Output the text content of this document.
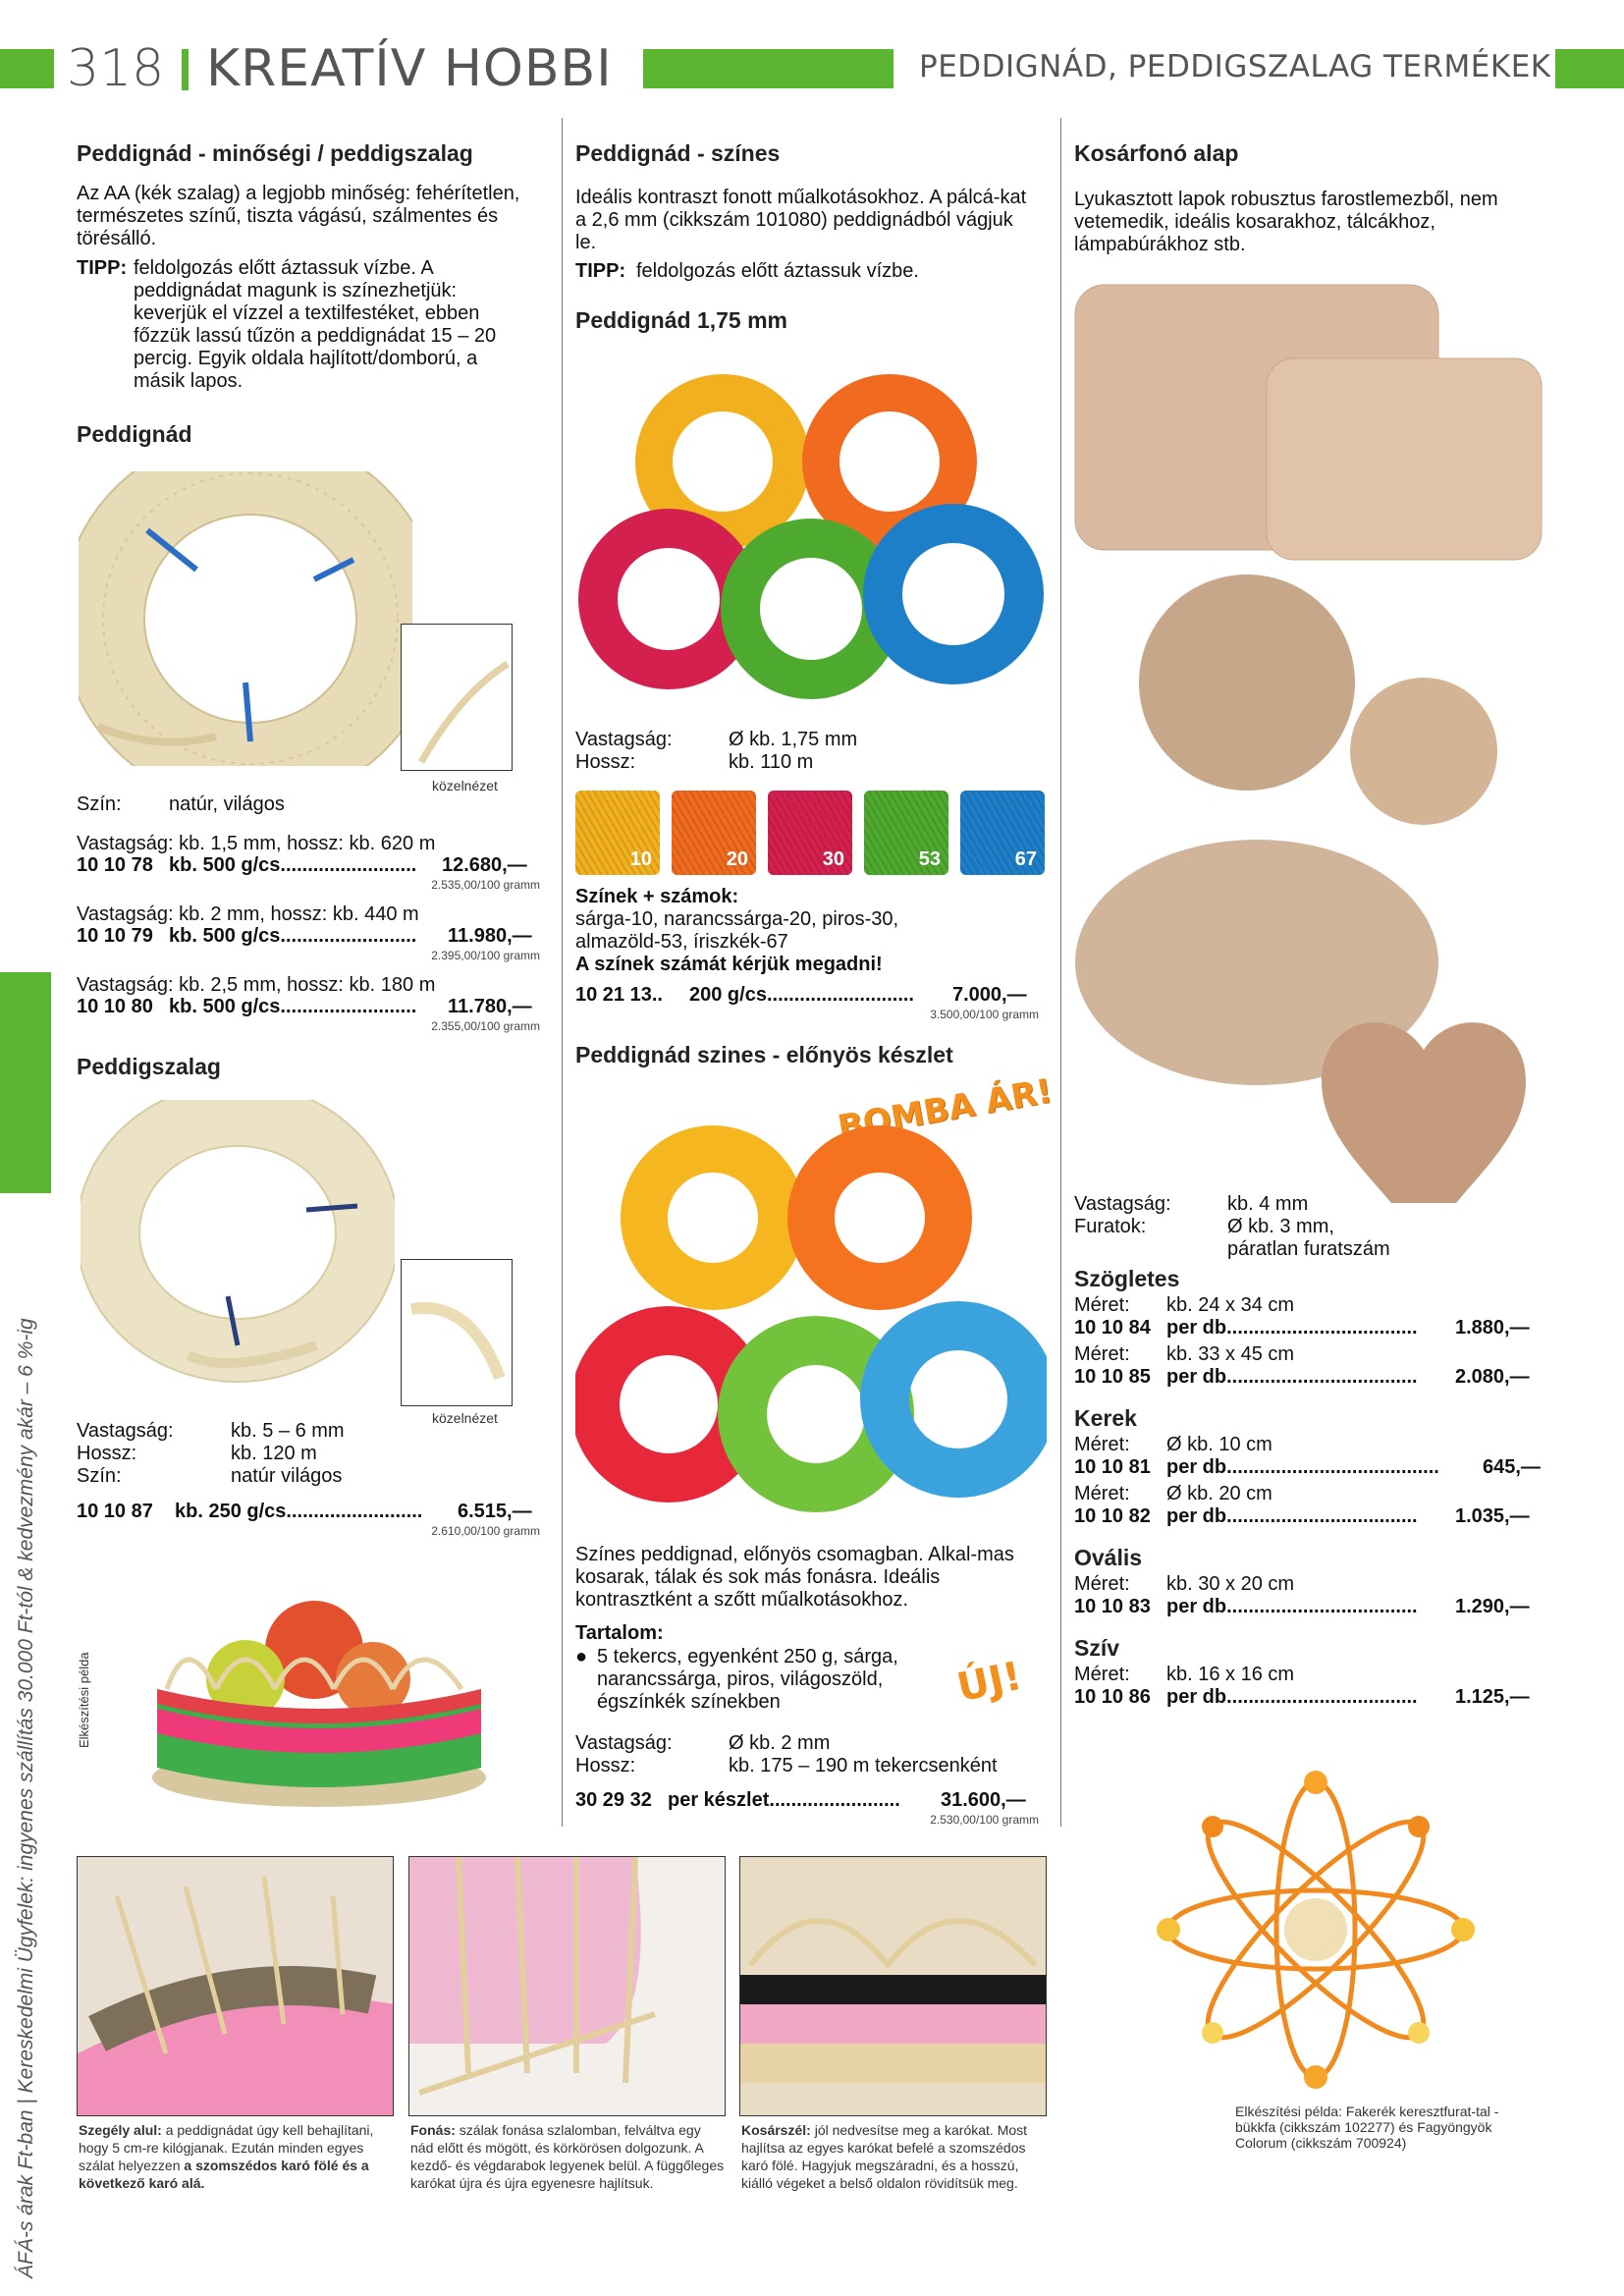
318 KREATÍV HOBBI	PEDDIGNÁD, PEDDIGSZALAG TERMÉKEK
ÁFÁ-s árak Ft-ban | Kereskedelmi Ügyfelek: ingyenes szállítás 30.000 Ft-tól & kedvezmény akár – 6 %-ig
Peddignád - minőségi / peddigszalag
Az AA (kék szalag) a legjobb minőség: fehérítetlen, természetes színű, tiszta vágású, szálmentes és törésálló.
TIPP: feldolgozás előtt áztassuk vízbe. A
peddignádat magunk is színezhetjük:
keverjük el vízzel a textilfestéket, ebben
főzzük lassú tűzön a peddignádat 15 – 20
percig. Egyik oldala hajlított/domború, a
másik lapos.
Peddignád
közelnézet
Szín: natúr, világos
Vastagság: kb. 1,5 mm, hossz: kb. 620 m
10 10 78 kb. 500 g/cs......................... 12.680,—
2.535,00/100 gramm
Vastagság: kb. 2 mm, hossz: kb. 440 m
10 10 79 kb. 500 g/cs......................... 11.980,—
2.395,00/100 gramm
Vastagság: kb. 2,5 mm, hossz: kb. 180 m
10 10 80 kb. 500 g/cs......................... 11.780,—
2.355,00/100 gramm
Peddigszalag
közelnézet
Vastagság:	kb. 5 – 6 mm
Hossz:	kb. 120 m
Szín:	natúr világos
10 10 87 kb. 250 g/cs......................... 6.515,—
2.610,00/100 gramm
Elkészítési példa
Peddignád - színes
Ideális kontraszt fonott műalkotásokhoz. A pálcá-kat a 2,6 mm (cikkszám 101080) peddignádból vágjuk le.
TIPP: feldolgozás előtt áztassuk vízbe.
Peddignád 1,75 mm
Vastagság:	Ø kb. 1,75 mm
Hossz:	kb. 110 m
10	20	30	53	67
Színek + számok:
sárga-10, narancssárga-20, piros-30, almazöld-53, íriszkék-67
A színek számát kérjük megadni!
10 21 13.. 200 g/cs........................... 7.000,—
3.500,00/100 gramm
Peddignád szines - előnyös készlet
BOMBA ÁR!
Színes peddignad, előnyös csomagban. Alkal-mas kosarak, tálak és sok más fonásra. Ideális kontrasztként a szőtt műalkotásokhoz.
Tartalom:
● 5 tekercs, egyenként 250 g, sárga, narancssárga, piros, világoszöld, égszínkék színekben	ÚJ!
Vastagság:	Ø kb. 2 mm
Hossz:	kb. 175 – 190 m tekercsenként
30 29 32 per készlet........................ 31.600,—
2.530,00/100 gramm
Kosárfonó alap
Lyukasztott lapok robusztus farostlemezből, nem vetemedik, ideális kosarakhoz, tálcákhoz, lámpabúrákhoz stb.
Vastagság:	kb. 4 mm
Furatok:	Ø kb. 3 mm,
páratlan furatszám
Szögletes
Méret: kb. 24 x 34 cm
10 10 84 per db................................... 1.880,—
Méret: kb. 33 x 45 cm
10 10 85 per db................................... 2.080,—
Kerek
Méret: Ø kb. 10 cm
10 10 81 per db....................................... 645,—
Méret: Ø kb. 20 cm
10 10 82 per db................................... 1.035,—
Ovális
Méret: kb. 30 x 20 cm
10 10 83 per db................................... 1.290,—
Szív
Méret: kb. 16 x 16 cm
10 10 86 per db................................... 1.125,—
Elkészítési példa: Fakerék keresztfurat-tal - bükkfa (cikkszám 102277) és Fagyöngyök Colorum (cikkszám 700924)
Szegély alul: a peddignádat úgy kell behajlítani, hogy 5 cm-re kilógjanak. Ezután minden egyes szálat helyezzen a szomszédos karó fölé és a következő karó alá.
Fonás: szálak fonása szlalomban, felváltva egy nád előtt és mögött, és körkörösen dolgozunk. A kezdő- és végdarabok legyenek belül. A függőleges karókat újra és újra egyenesre hajlítsuk.
Kosárszél: jól nedvesítse meg a karókat. Most hajlítsa az egyes karókat befelé a szomszédos karó fölé. Hagyjuk megszáradni, és a hosszú, kiálló végeket a belső oldalon rövidítsük meg.
